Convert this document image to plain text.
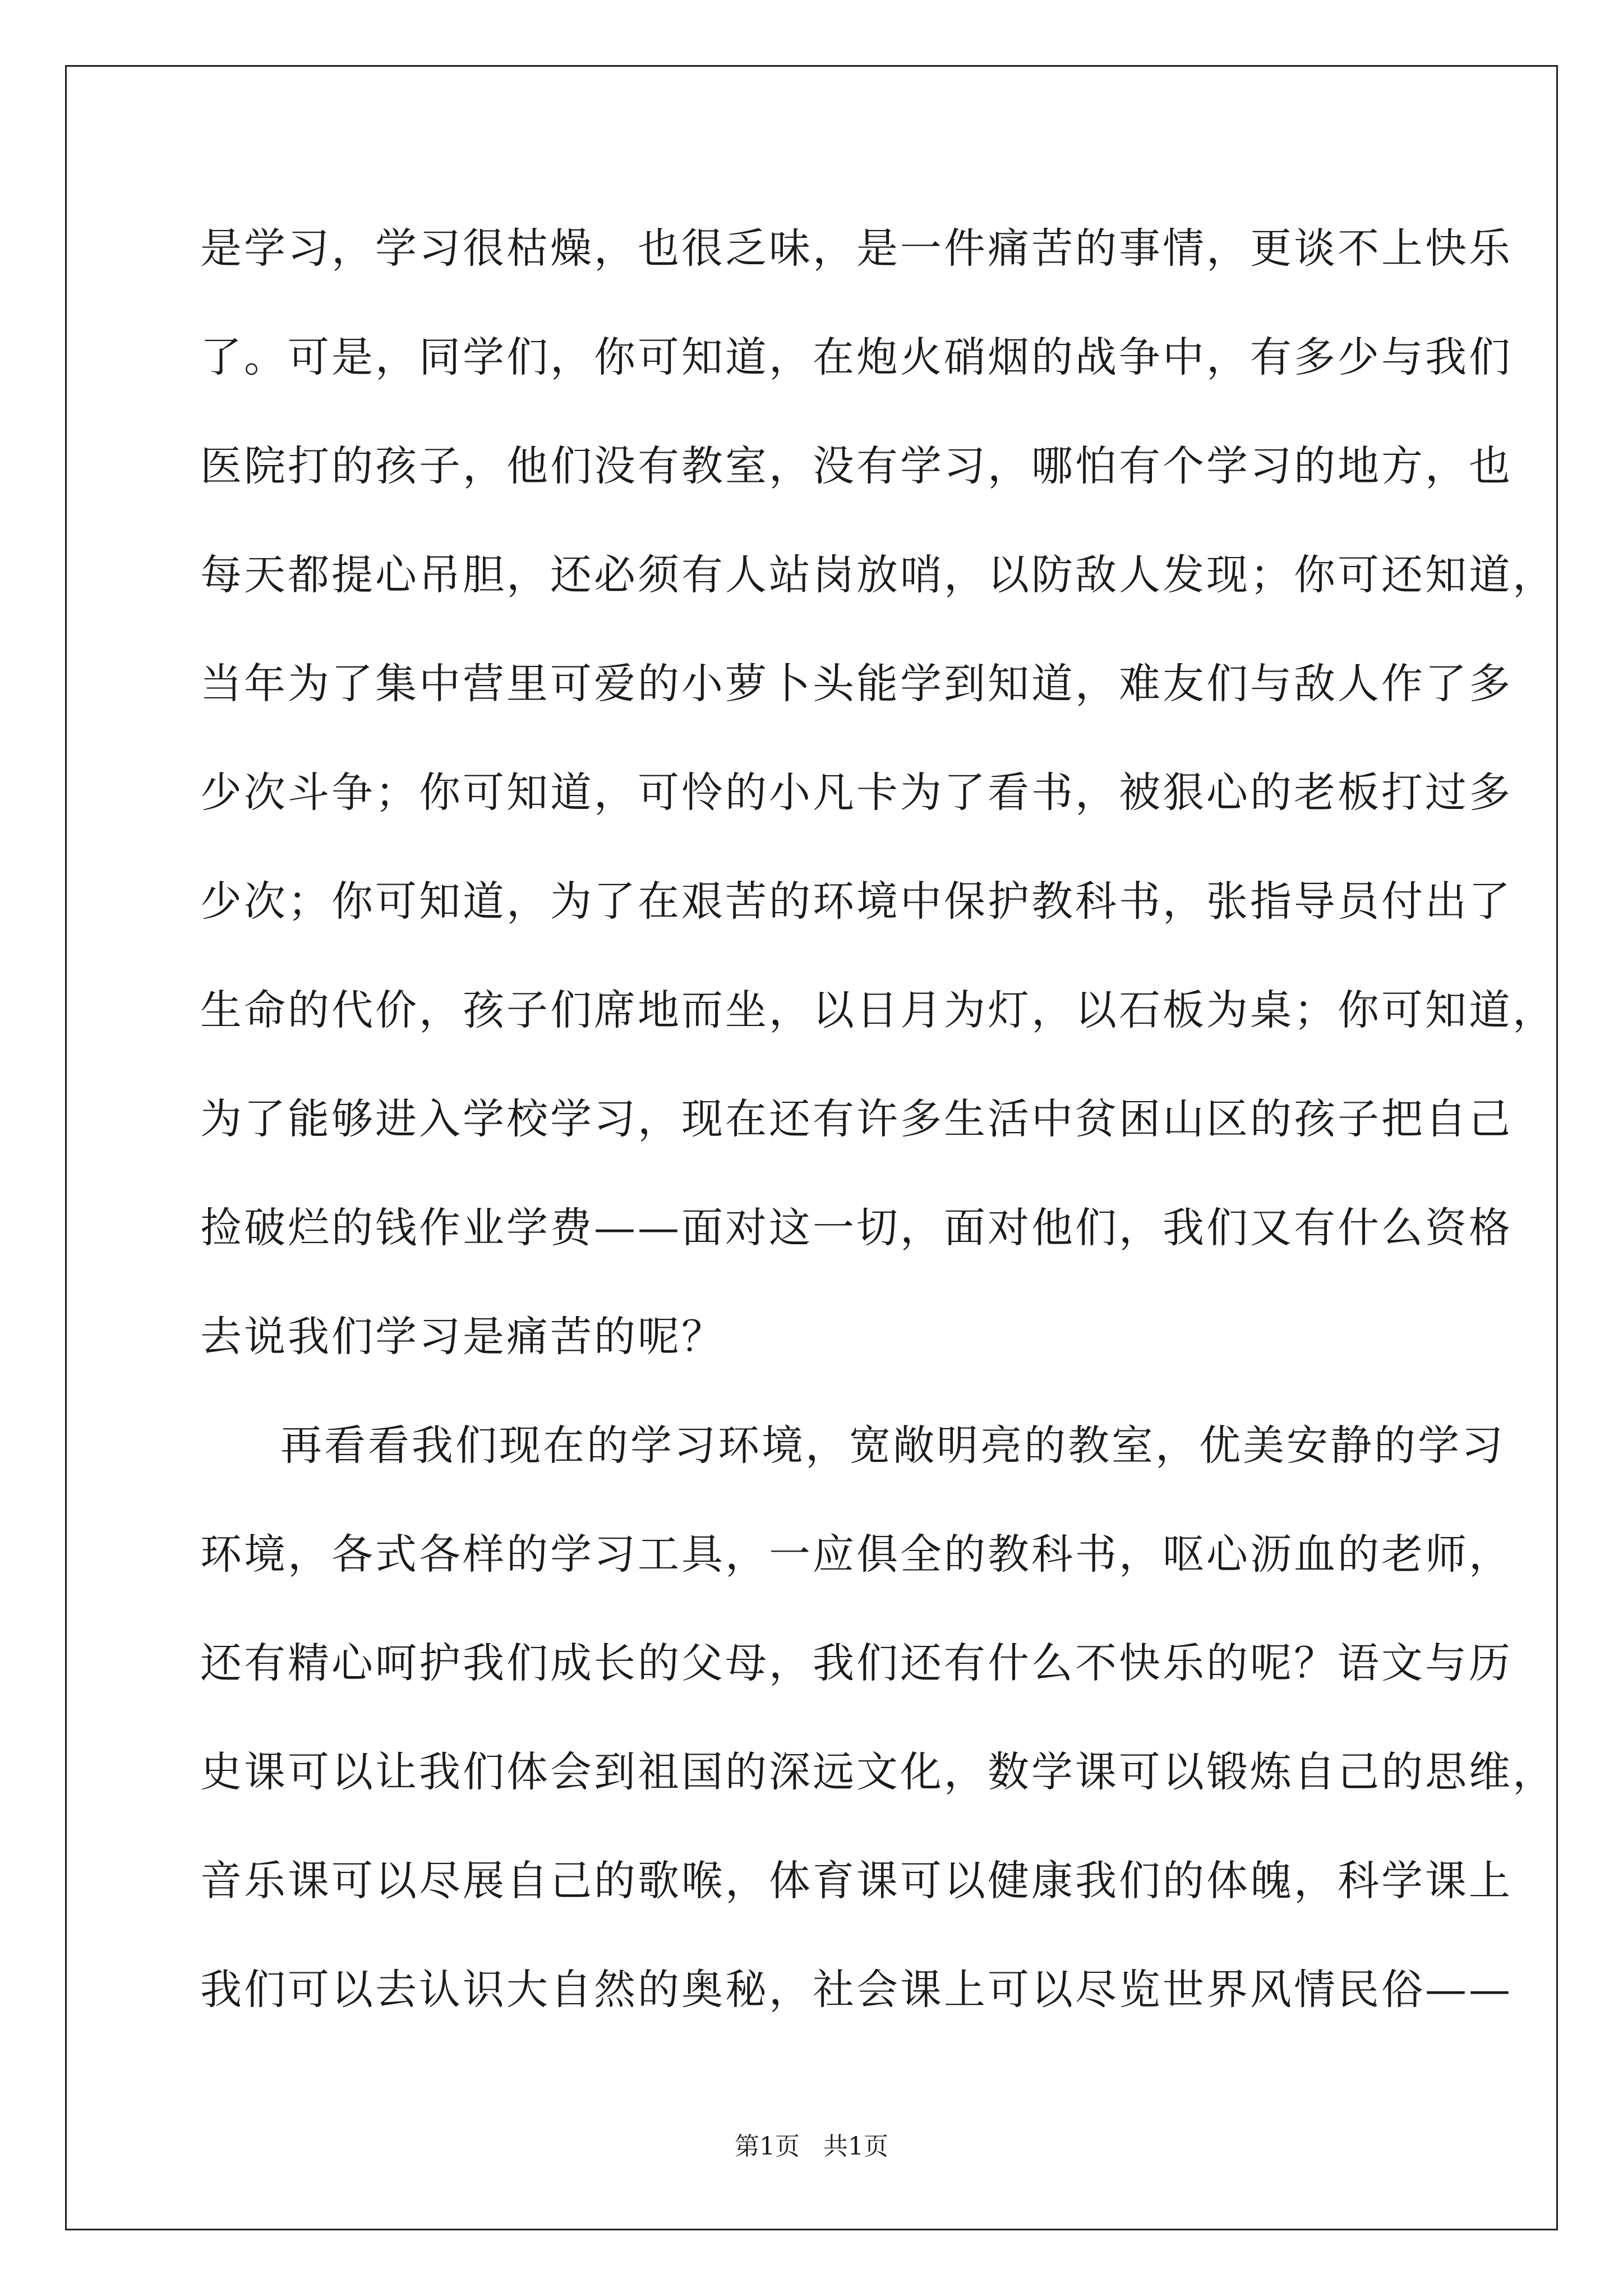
是学习，学习很枯燥，也很乏味，是一件痛苦的事情，更谈不上快乐
了。可是，同学们，你可知道，在炮火硝烟的战争中，有多少与我们
医院打的孩子，他们没有教室，没有学习，哪怕有个学习的地方，也
每天都提心吊胆，还必须有人站岗放哨，以防敌人发现；你可还知道，
当年为了集中营里可爱的小萝卜头能学到知道，难友们与敌人作了多
少次斗争；你可知道，可怜的小凡卡为了看书，被狠心的老板打过多
少次；你可知道，为了在艰苦的环境中保护教科书，张指导员付出了
生命的代价，孩子们席地而坐，以日月为灯，以石板为桌；你可知道，
为了能够进入学校学习，现在还有许多生活中贫困山区的孩子把自己
捡破烂的钱作业学费——面对这一切，面对他们，我们又有什么资格
去说我们学习是痛苦的呢？
再看看我们现在的学习环境，宽敞明亮的教室，优美安静的学习
环境，各式各样的学习工具，一应俱全的教科书，呕心沥血的老师，
还有精心呵护我们成长的父母，我们还有什么不快乐的呢？语文与历
史课可以让我们体会到祖国的深远文化，数学课可以锻炼自己的思维，
音乐课可以尽展自己的歌喉，体育课可以健康我们的体魄，科学课上
我们可以去认识大自然的奥秘，社会课上可以尽览世界风情民俗——
第1页   共1页
